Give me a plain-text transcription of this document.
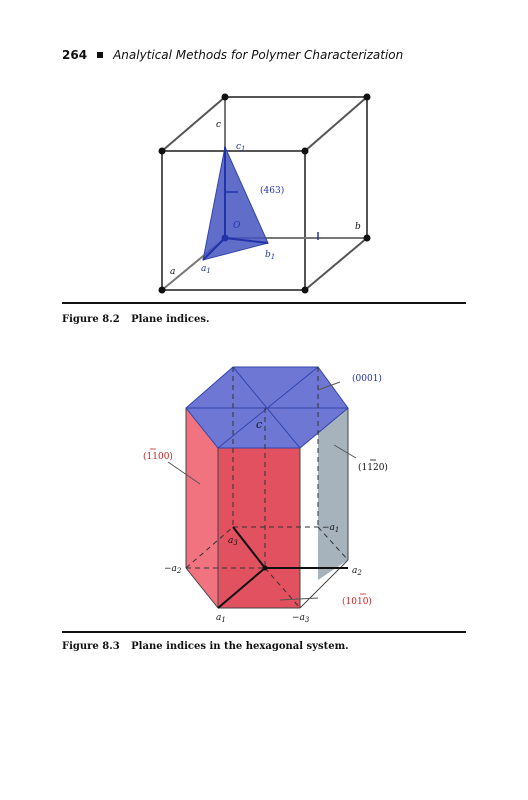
264 Analytical Methods for Polymer Characterization
c
$c_1$
(463)
O	b
$b_1$
$a_1$
a
Figure 8.2 Plane indices.
(0001)
c
(1100)
(1120)
$-a_1$
$a_3$
$-a_2$	$a_2$
(1010)
$a_1$	$-a_3$
Figure 8.3 Plane indices in the hexagonal system.
